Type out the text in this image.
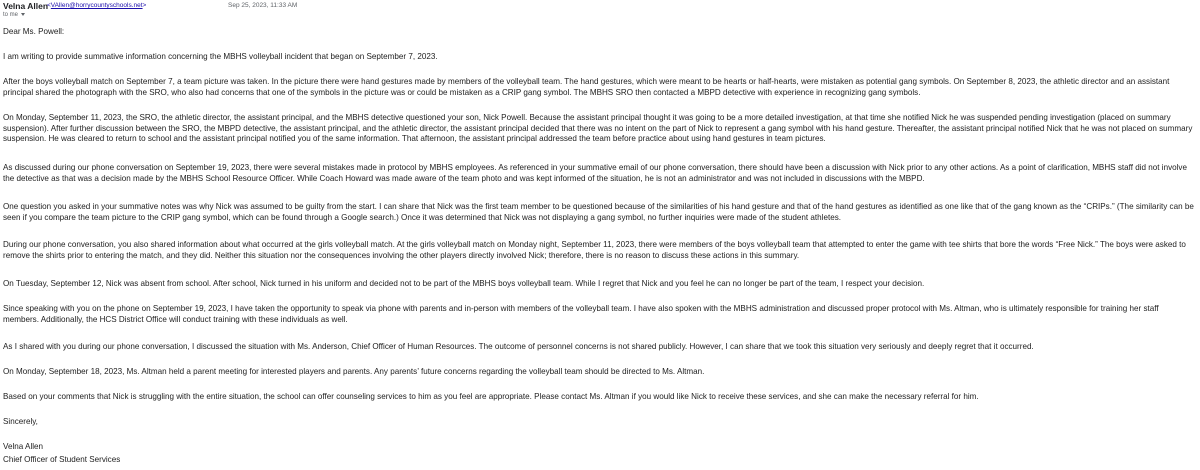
Velna Allen
<VAllen@horrycountyschools.net>	Sep 25, 2023, 11:33 AM
to me

Dear Ms. Powell:

I am writing to provide summative information concerning the MBHS volleyball incident that began on September 7, 2023.

After the boys volleyball match on September 7, a team picture was taken. In the picture there were hand gestures made by members of the volleyball team. The hand gestures, which were meant to be hearts or half-hearts, were mistaken as potential gang symbols. On September 8, 2023, the athletic director and an assistant principal shared the photograph with the SRO, who also had concerns that one of the symbols in the picture was or could be mistaken as a CRIP gang symbol. The MBHS SRO then contacted a MBPD detective with experience in recognizing gang symbols.

On Monday, September 11, 2023, the SRO, the athletic director, the assistant principal, and the MBHS detective questioned your son, Nick Powell. Because the assistant principal thought it was going to be a more detailed investigation, at that time she notified Nick he was suspended pending investigation (placed on summary suspension). After further discussion between the SRO, the MBPD detective, the assistant principal, and the athletic director, the assistant principal decided that there was no intent on the part of Nick to represent a gang symbol with his hand gesture. Thereafter, the assistant principal notified Nick that he was not placed on summary suspension. He was cleared to return to school and the assistant principal notified you of the same information. That afternoon, the assistant principal addressed the team before practice about using hand gestures in team pictures.

As discussed during our phone conversation on September 19, 2023, there were several mistakes made in protocol by MBHS employees. As referenced in your summative email of our phone conversation, there should have been a discussion with Nick prior to any other actions. As a point of clarification, MBHS staff did not involve the detective as that was a decision made by the MBHS School Resource Officer. While Coach Howard was made aware of the team photo and was kept informed of the situation, he is not an administrator and was not included in discussions with the MBPD.

One question you asked in your summative notes was why Nick was assumed to be guilty from the start. I can share that Nick was the first team member to be questioned because of the similarities of his hand gesture and that of the hand gestures as identified as one like that of the gang known as the “CRIPs.” (The similarity can be seen if you compare the team picture to the CRIP gang symbol, which can be found through a Google search.) Once it was determined that Nick was not displaying a gang symbol, no further inquiries were made of the student athletes.

During our phone conversation, you also shared information about what occurred at the girls volleyball match. At the girls volleyball match on Monday night, September 11, 2023, there were members of the boys volleyball team that attempted to enter the game with tee shirts that bore the words “Free Nick.” The boys were asked to remove the shirts prior to entering the match, and they did. Neither this situation nor the consequences involving the other players directly involved Nick; therefore, there is no reason to discuss these actions in this summary.

On Tuesday, September 12, Nick was absent from school. After school, Nick turned in his uniform and decided not to be part of the MBHS boys volleyball team. While I regret that Nick and you feel he can no longer be part of the team, I respect your decision.

Since speaking with you on the phone on September 19, 2023, I have taken the opportunity to speak via phone with parents and in-person with members of the volleyball team. I have also spoken with the MBHS administration and discussed proper protocol with Ms. Altman, who is ultimately responsible for training her staff members. Additionally, the HCS District Office will conduct training with these individuals as well.

As I shared with you during our phone conversation, I discussed the situation with Ms. Anderson, Chief Officer of Human Resources. The outcome of personnel concerns is not shared publicly. However, I can share that we took this situation very seriously and deeply regret that it occurred.

On Monday, September 18, 2023, Ms. Altman held a parent meeting for interested players and parents. Any parents’ future concerns regarding the volleyball team should be directed to Ms. Altman.

Based on your comments that Nick is struggling with the entire situation, the school can offer counseling services to him as you feel are appropriate. Please contact Ms. Altman if you would like Nick to receive these services, and she can make the necessary referral for him.

Sincerely,

Velna Allen

Chief Officer of Student Services
